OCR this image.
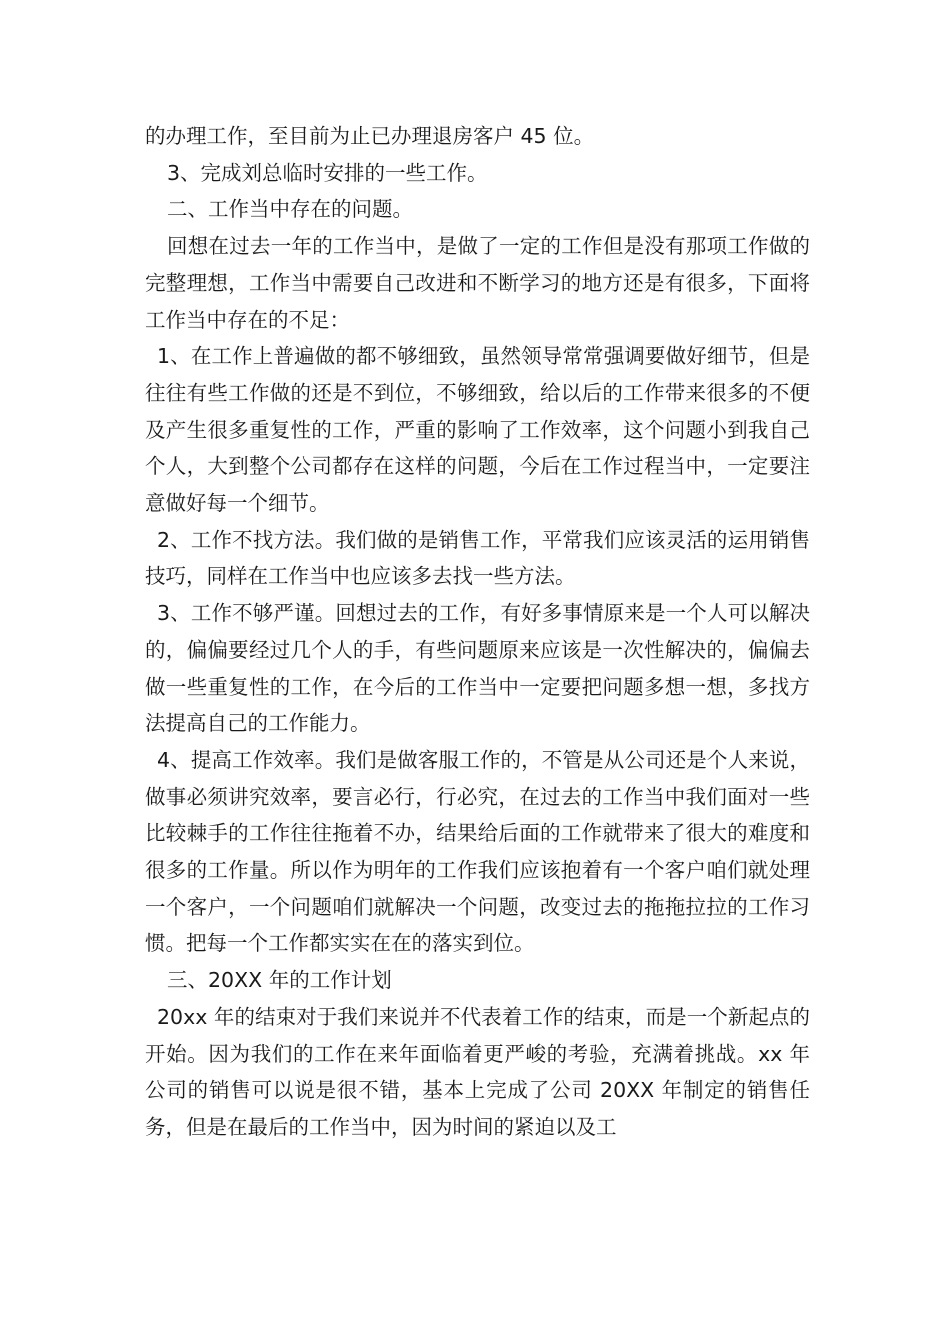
的办理工作，至目前为止已办理退房客户 45 位。

3、完成刘总临时安排的一些工作。

二、工作当中存在的问题。

回想在过去一年的工作当中，是做了一定的工作但是没有那项工作做的完整理想，工作当中需要自己改进和不断学习的地方还是有很多，下面将工作当中存在的不足：

1、在工作上普遍做的都不够细致，虽然领导常常强调要做好细节，但是往往有些工作做的还是不到位，不够细致，给以后的工作带来很多的不便及产生很多重复性的工作，严重的影响了工作效率，这个问题小到我自己个人，大到整个公司都存在这样的问题，今后在工作过程当中，一定要注意做好每一个细节。

2、工作不找方法。我们做的是销售工作，平常我们应该灵活的运用销售技巧，同样在工作当中也应该多去找一些方法。

3、工作不够严谨。回想过去的工作，有好多事情原来是一个人可以解决的，偏偏要经过几个人的手，有些问题原来应该是一次性解决的，偏偏去做一些重复性的工作，在今后的工作当中一定要把问题多想一想，多找方法提高自己的工作能力。

4、提高工作效率。我们是做客服工作的，不管是从公司还是个人来说，做事必须讲究效率，要言必行，行必究，在过去的工作当中我们面对一些比较棘手的工作往往拖着不办，结果给后面的工作就带来了很大的难度和很多的工作量。所以作为明年的工作我们应该抱着有一个客户咱们就处理一个客户，一个问题咱们就解决一个问题，改变过去的拖拖拉拉的工作习惯。把每一个工作都实实在在的落实到位。

三、20XX 年的工作计划

20xx 年的结束对于我们来说并不代表着工作的结束，而是一个新起点的开始。因为我们的工作在来年面临着更严峻的考验，充满着挑战。xx 年公司的销售可以说是很不错，基本上完成了公司 20XX 年制定的销售任务，但是在最后的工作当中，因为时间的紧迫以及工
